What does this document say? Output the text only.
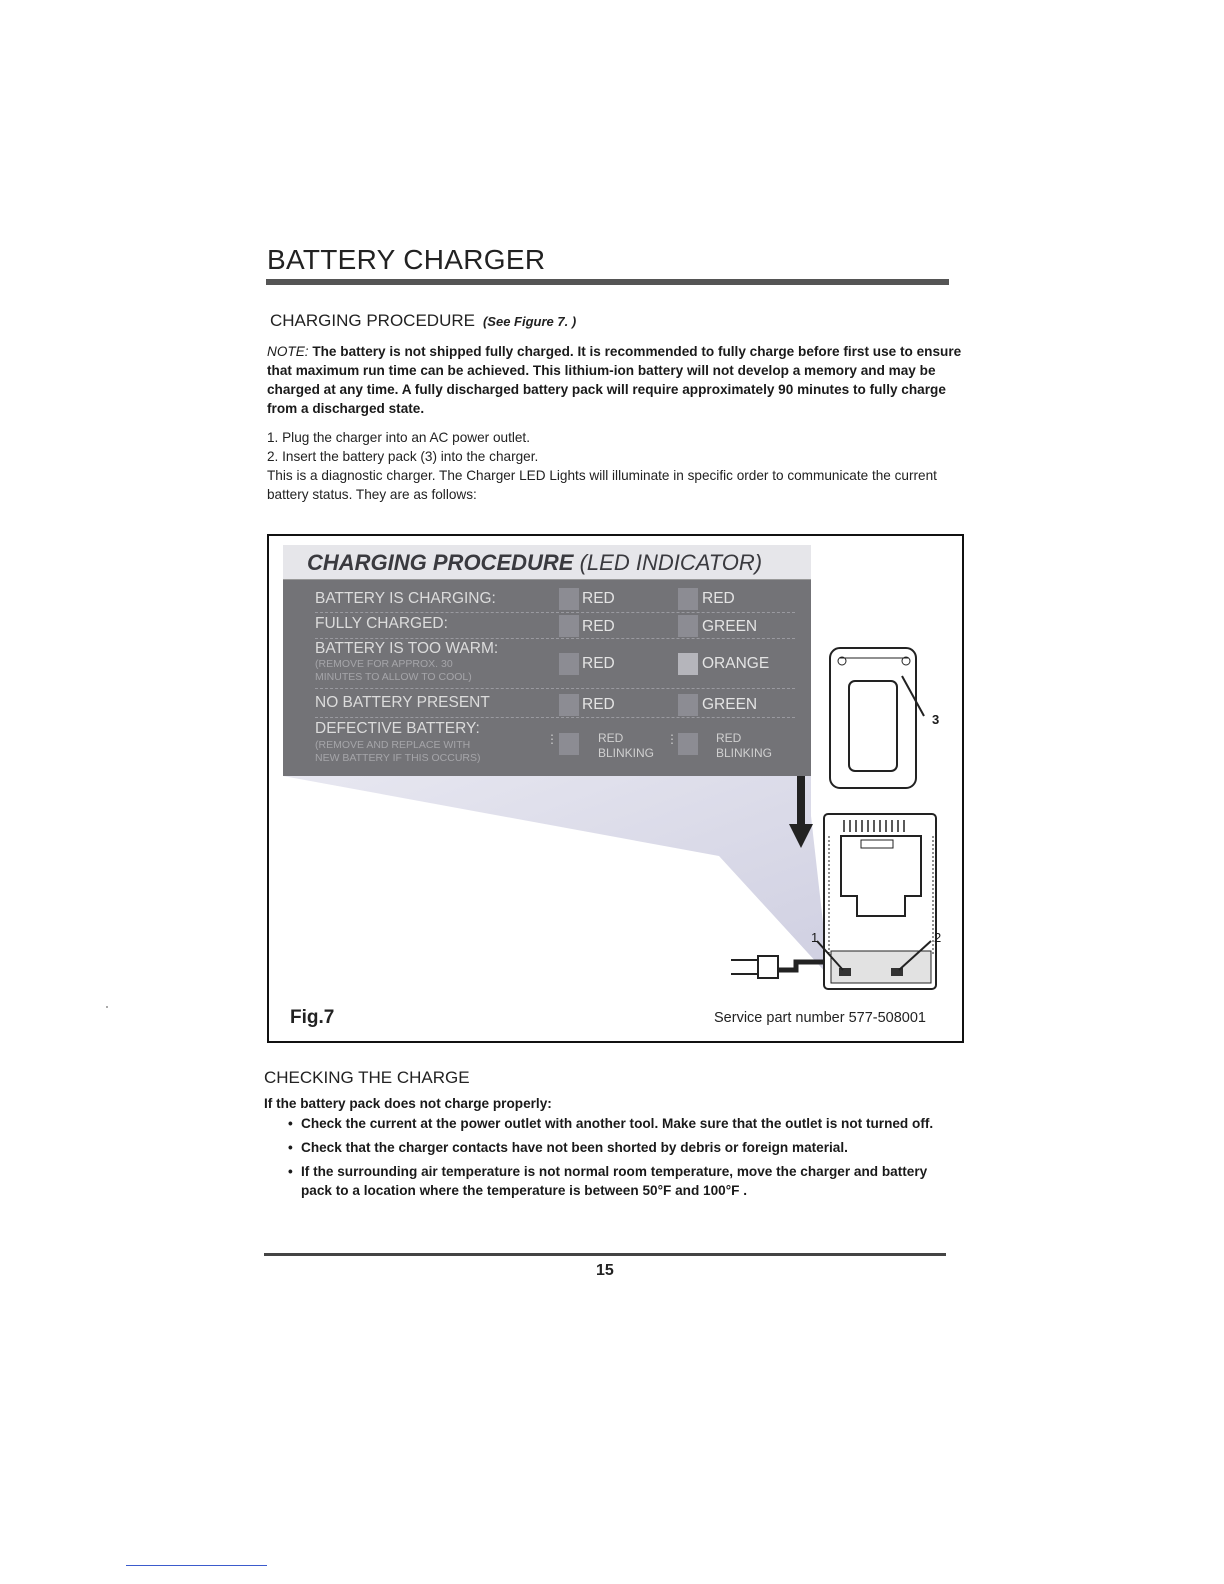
BATTERY CHARGER
CHARGING PROCEDURE (See Figure 7. )
NOTE: The battery is not shipped fully charged. It is recommended to fully charge before first use to ensure that maximum run time can be achieved. This lithium-ion battery will not develop a memory and may be charged at any time. A fully discharged battery pack will require approximately 90 minutes to fully charge from a discharged state.
1. Plug the charger into an AC power outlet.
2. Insert the battery pack (3) into the charger.
This is a diagnostic charger. The Charger LED Lights will illuminate in specific order to communicate the current battery status. They are as follows:
3
1	2
CHARGING PROCEDURE (LED INDICATOR)
BATTERY IS CHARGING:	RED	RED
FULLY CHARGED:	RED	GREEN
BATTERY IS TOO WARM:
(REMOVE FOR APPROX. 30
MINUTES TO ALLOW TO COOL)
RED	ORANGE
NO BATTERY PRESENT	RED	GREEN
DEFECTIVE BATTERY:
(REMOVE AND REPLACE WITH
NEW BATTERY IF THIS OCCURS)
⋮	RED
BLINKING
⋮	RED
BLINKING
Fig.7	Service part number 577-508001
CHECKING THE CHARGE
If the battery pack does not charge properly:
• Check the current at the power outlet with another tool. Make sure that the outlet is not turned off.
• Check that the charger contacts have not been shorted by debris or foreign material.
• If the surrounding air temperature is not normal room temperature, move the charger and battery pack to a location where the temperature is between 50°F and 100°F .
15
